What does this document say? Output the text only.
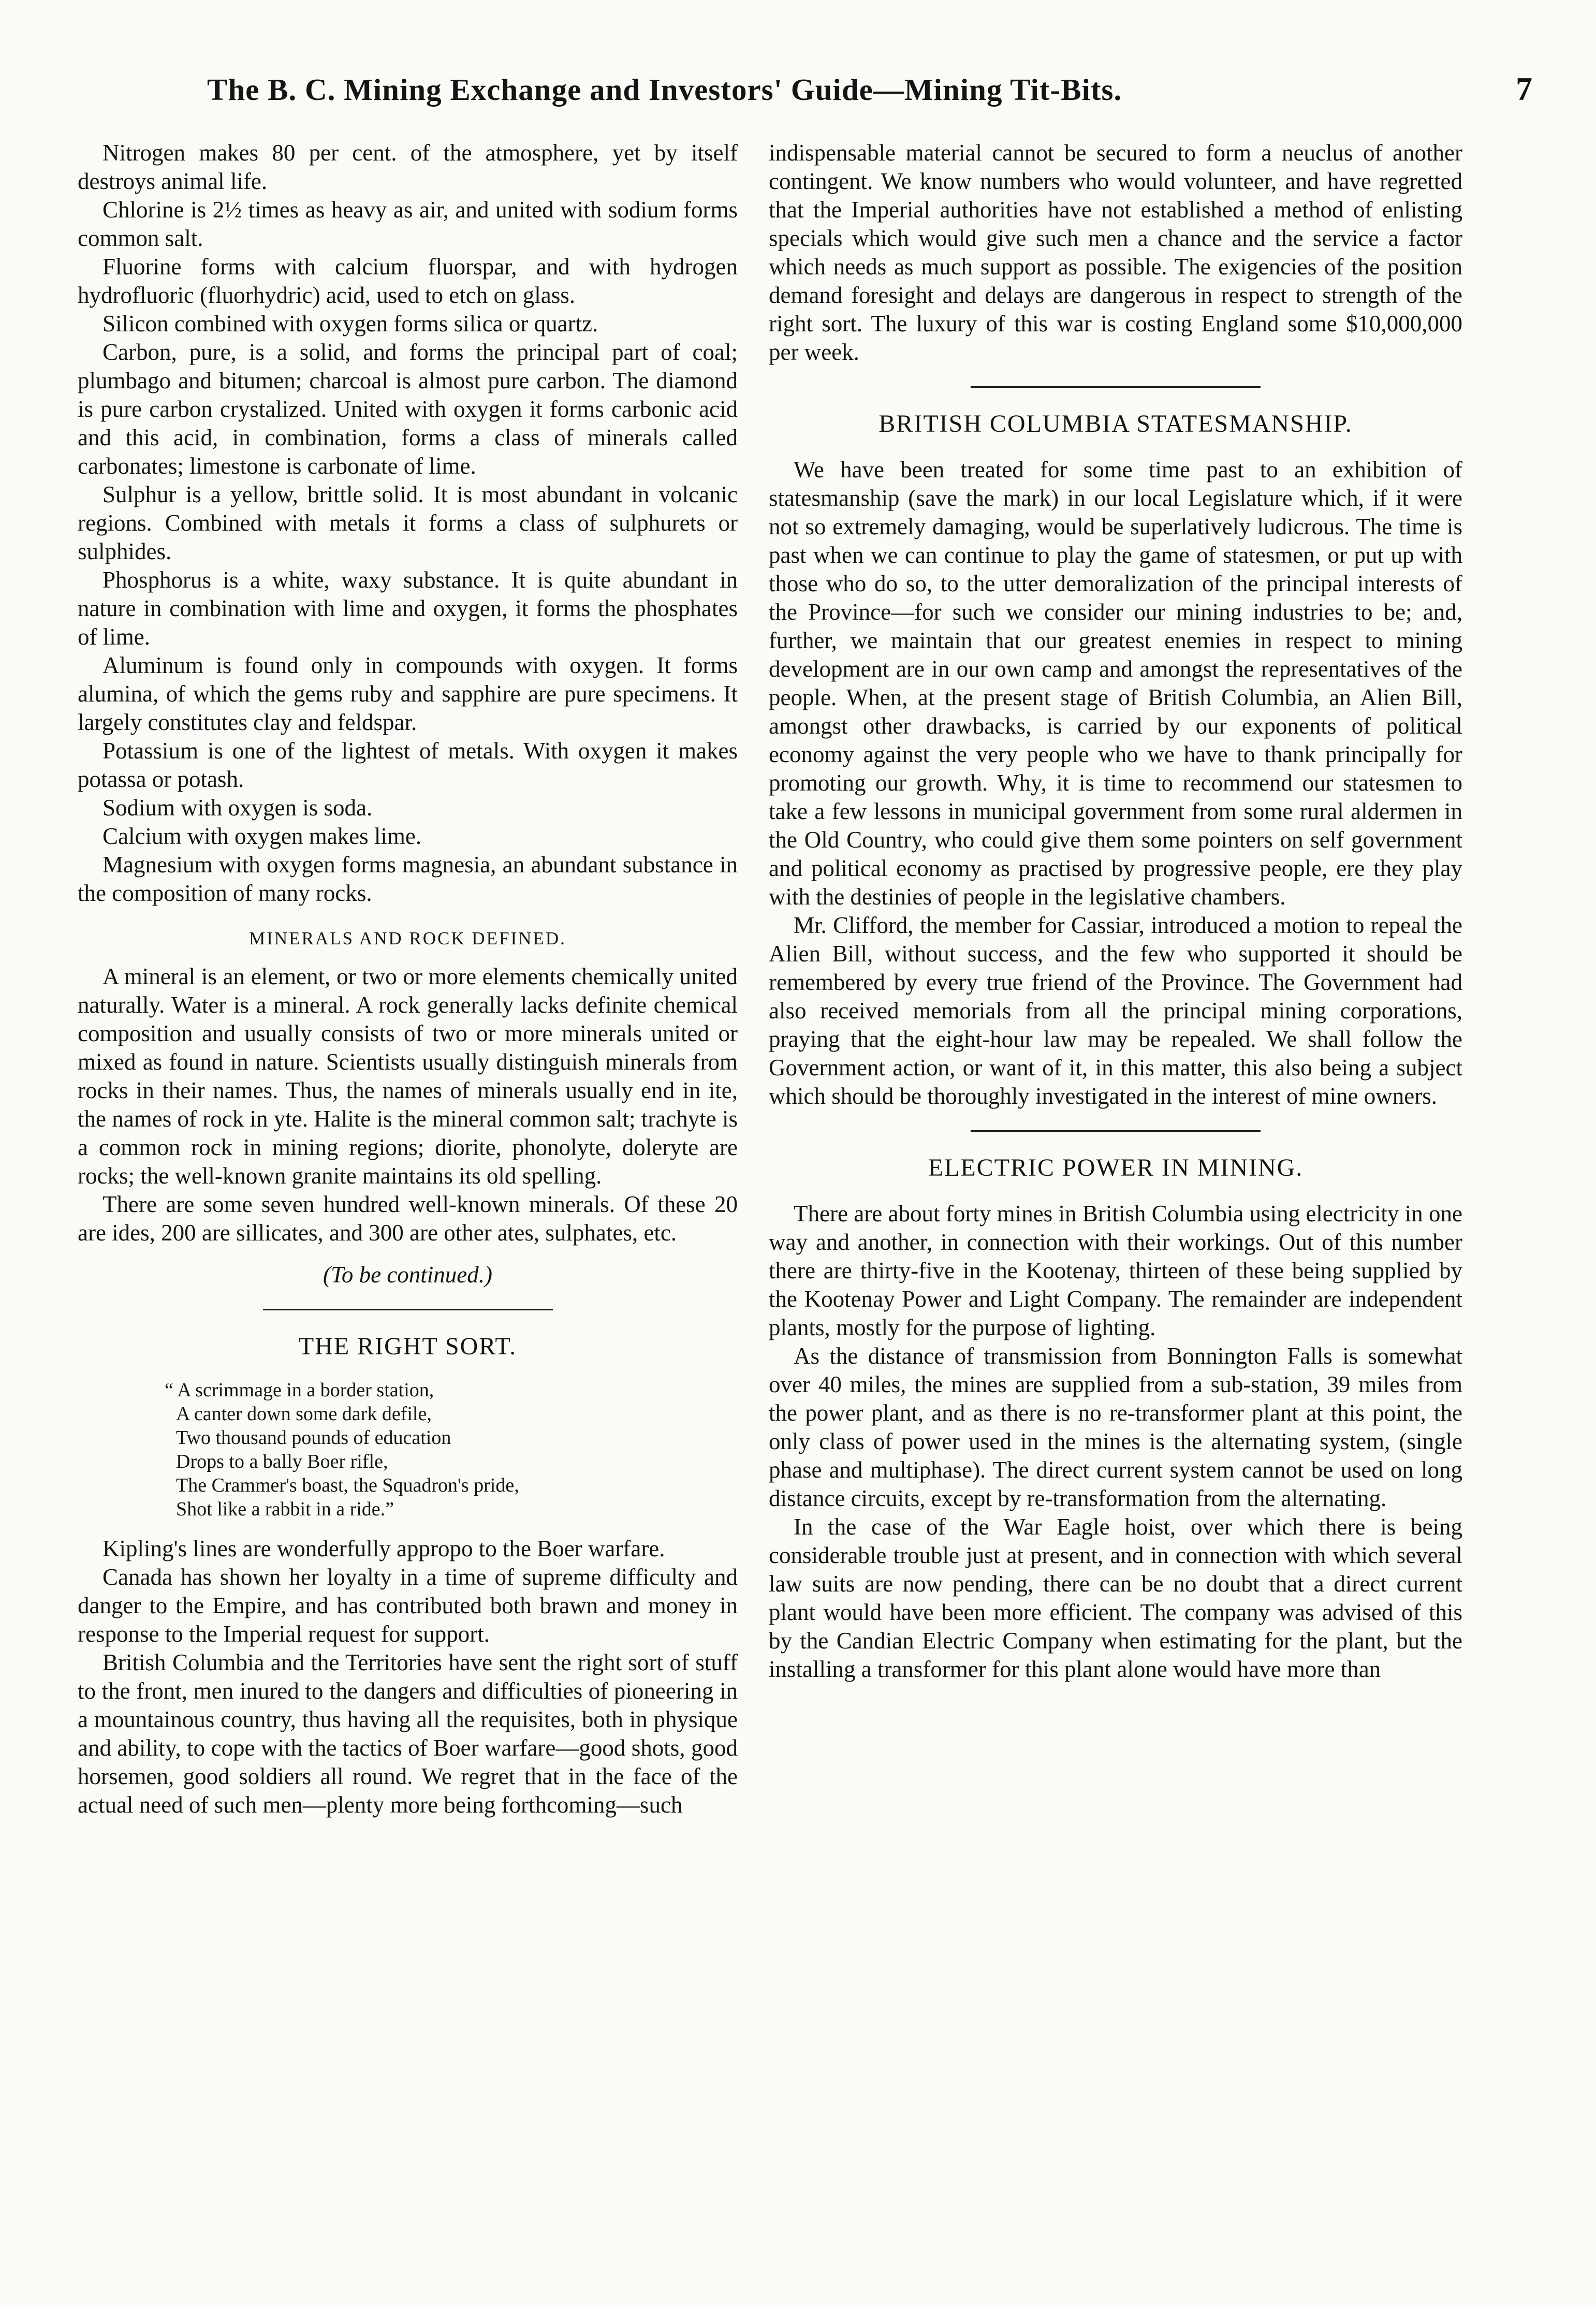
The B. C. Mining Exchange and Investors' Guide—Mining Tit-Bits.	7

Nitrogen makes 80 per cent. of the atmosphere, yet by itself destroys animal life.

Chlorine is 2½ times as heavy as air, and united with sodium forms common salt.

Fluorine forms with calcium fluorspar, and with hydrogen hydrofluoric (fluorhydric) acid, used to etch on glass.

Silicon combined with oxygen forms silica or quartz.

Carbon, pure, is a solid, and forms the principal part of coal; plumbago and bitumen; charcoal is almost pure carbon. The diamond is pure carbon crystalized. United with oxygen it forms carbonic acid and this acid, in combination, forms a class of minerals called carbonates; limestone is carbonate of lime.

Sulphur is a yellow, brittle solid. It is most abundant in volcanic regions. Combined with metals it forms a class of sulphurets or sulphides.

Phosphorus is a white, waxy substance. It is quite abundant in nature in combination with lime and oxygen, it forms the phosphates of lime.

Aluminum is found only in compounds with oxygen. It forms alumina, of which the gems ruby and sapphire are pure specimens. It largely constitutes clay and feldspar.

Potassium is one of the lightest of metals. With oxygen it makes potassa or potash.

Sodium with oxygen is soda.

Calcium with oxygen makes lime.

Magnesium with oxygen forms magnesia, an abundant substance in the composition of many rocks.

MINERALS AND ROCK DEFINED.

A mineral is an element, or two or more elements chemically united naturally. Water is a mineral. A rock generally lacks definite chemical composition and usually consists of two or more minerals united or mixed as found in nature. Scientists usually distinguish minerals from rocks in their names. Thus, the names of minerals usually end in ite, the names of rock in yte. Halite is the mineral common salt; trachyte is a common rock in mining regions; diorite, phonolyte, doleryte are rocks; the well-known granite maintains its old spelling.

There are some seven hundred well-known minerals. Of these 20 are ides, 200 are sillicates, and 300 are other ates, sulphates, etc.

(To be continued.)
THE RIGHT SORT.
“ A scrimmage in a border station,
A canter down some dark defile,
Two thousand pounds of education
Drops to a bally Boer rifle,
The Crammer's boast, the Squadron's pride,
Shot like a rabbit in a ride.”

Kipling's lines are wonderfully appropo to the Boer warfare.

Canada has shown her loyalty in a time of supreme difficulty and danger to the Empire, and has contributed both brawn and money in response to the Imperial request for support.

British Columbia and the Territories have sent the right sort of stuff to the front, men inured to the dangers and difficulties of pioneering in a mountainous country, thus having all the requisites, both in physique and ability, to cope with the tactics of Boer warfare—good shots, good horsemen, good soldiers all round. We regret that in the face of the actual need of such men—plenty more being forthcoming—such

indispensable material cannot be secured to form a neuclus of another contingent. We know numbers who would volunteer, and have regretted that the Imperial authorities have not established a method of enlisting specials which would give such men a chance and the service a factor which needs as much support as possible. The exigencies of the position demand foresight and delays are dangerous in respect to strength of the right sort. The luxury of this war is costing England some $10,000,000 per week.

BRITISH COLUMBIA STATESMANSHIP.

We have been treated for some time past to an exhibition of statesmanship (save the mark) in our local Legislature which, if it were not so extremely damaging, would be superlatively ludicrous. The time is past when we can continue to play the game of statesmen, or put up with those who do so, to the utter demoralization of the principal interests of the Province—for such we consider our mining industries to be; and, further, we maintain that our greatest enemies in respect to mining development are in our own camp and amongst the representatives of the people. When, at the present stage of British Columbia, an Alien Bill, amongst other drawbacks, is carried by our exponents of political economy against the very people who we have to thank principally for promoting our growth. Why, it is time to recommend our statesmen to take a few lessons in municipal government from some rural aldermen in the Old Country, who could give them some pointers on self government and political economy as practised by progressive people, ere they play with the destinies of people in the legislative chambers.

Mr. Clifford, the member for Cassiar, introduced a motion to repeal the Alien Bill, without success, and the few who supported it should be remembered by every true friend of the Province. The Government had also received memorials from all the principal mining corporations, praying that the eight-hour law may be repealed. We shall follow the Government action, or want of it, in this matter, this also being a subject which should be thoroughly investigated in the interest of mine owners.

ELECTRIC POWER IN MINING.

There are about forty mines in British Columbia using electricity in one way and another, in connection with their workings. Out of this number there are thirty-five in the Kootenay, thirteen of these being supplied by the Kootenay Power and Light Company. The remainder are independent plants, mostly for the purpose of lighting.

As the distance of transmission from Bonnington Falls is somewhat over 40 miles, the mines are supplied from a sub-station, 39 miles from the power plant, and as there is no re-transformer plant at this point, the only class of power used in the mines is the alternating system, (single phase and multiphase). The direct current system cannot be used on long distance circuits, except by re-transformation from the alternating.

In the case of the War Eagle hoist, over which there is being considerable trouble just at present, and in connection with which several law suits are now pending, there can be no doubt that a direct current plant would have been more efficient. The company was advised of this by the Candian Electric Company when estimating for the plant, but the installing a transformer for this plant alone would have more than
